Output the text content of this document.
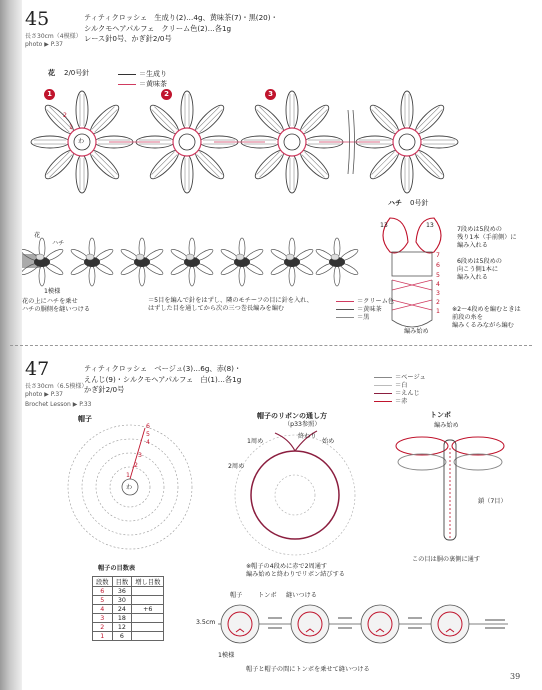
45
長さ30cm（4模様）
photo ▶ P.37
ティティクロッシェ　生成り(2)…4g、黄味茶(7)・黒(20)・
シルクモヘアパルフェ　クリーム色(2)…各1g
レース針0号、かぎ針2/0号
花 2/0号針	＝生成り
＝黄味茶
1	2	3
わ
2
1
花
ハチ
1模様
花の上にハチを乗せ
ハチの胴側を縫いつける
＝5目を編んで針をはずし、隣のモチーフの目に針を入れ、
はずした目を通してから次の三つ巻長編みを編む
ハチ 0号針
13	13
7
6
5
4
3
2
1
編み始め
7段めは5段めの
残り1本（手前側）に
編み入れる

6段めは5段めの
向こう側1本に
編み入れる
※2〜4段めを編むときは
前段の糸を
編みくるみながら編む
＝クリーム色
＝黄味茶
＝黒
47
長さ30cm（6.5模様）
photo ▶ P.37
Brochet Lesson ▶ P.33
ティティクロッシェ　ベージュ(3)…6g、赤(8)・
えんじ(9)・シルクモヘアパルフェ　白(1)…各1g
かぎ針2/0号
帽子
6
5
4
3
2
1
わ
帽子のリボンの通し方
（p33参照）
1周め
2周め
終わり
始め
※帽子の4段めに赤で2周通す
編み始めと終わりでリボン結びする
＝ベージュ
＝白
＝えんじ
＝赤
トンボ
編み始め
鎖（7目）
この目は胴の裏側に通す
帽子の目数表
段数	目数	増し目数
6	36	
5	30	
4	24	+6
3	18	
2	12	
1	6	
帽子	トンボ 縫いつける
3.5cm
1模様
帽子と帽子の間にトンボを乗せて縫いつける
39
